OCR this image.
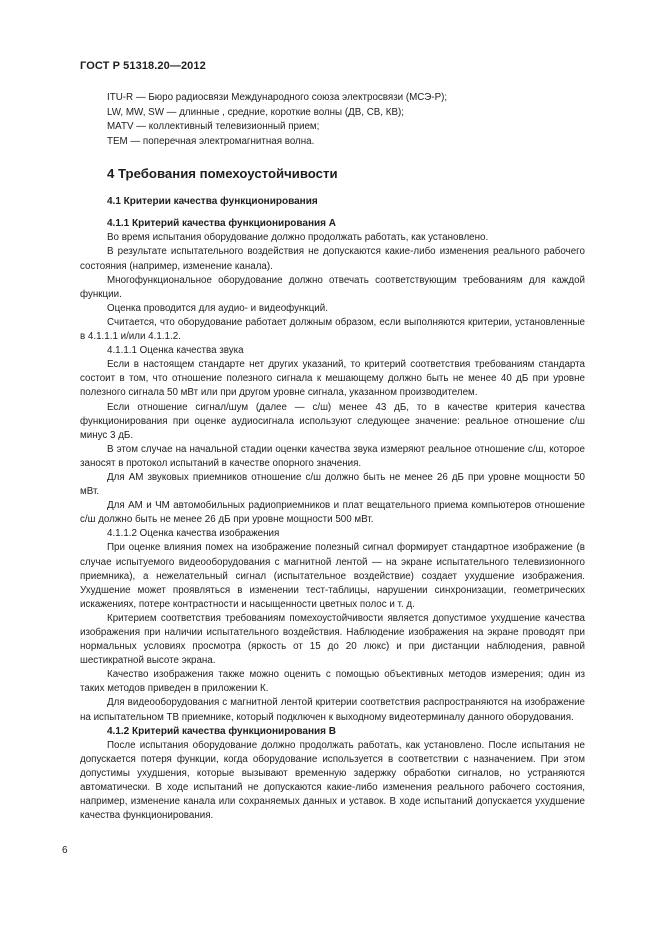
ГОСТ Р 51318.20—2012
ITU-R — Бюро радиосвязи Международного союза электросвязи (МСЭ-Р);
LW, MW, SW — длинные , средние, короткие волны (ДВ, СВ, КВ);
MATV — коллективный телевизионный прием;
TEM — поперечная электромагнитная волна.
4 Требования помехоустойчивости
4.1 Критерии качества функционирования
4.1.1 Критерий качества функционирования А

Во время испытания оборудование должно продолжать работать, как установлено.

В результате испытательного воздействия не допускаются какие-либо изменения реального рабочего состояния (например, изменение канала).

Многофункциональное оборудование должно отвечать соответствующим требованиям для каждой функции.

Оценка проводится для аудио- и видеофункций.

Считается, что оборудование работает должным образом, если выполняются критерии, установленные в 4.1.1.1 и/или 4.1.1.2.

4.1.1.1 Оценка качества звука

Если в настоящем стандарте нет других указаний, то критерий соответствия требованиям стандарта состоит в том, что отношение полезного сигнала к мешающему должно быть не менее 40 дБ при уровне полезного сигнала 50 мВт или при другом уровне сигнала, указанном производителем.

Если отношение сигнал/шум (далее — с/ш) менее 43 дБ, то в качестве критерия качества функционирования при оценке аудиосигнала используют следующее значение: реальное отношение с/ш минус 3 дБ.

В этом случае на начальной стадии оценки качества звука измеряют реальное отношение с/ш, которое заносят в протокол испытаний в качестве опорного значения.

Для АМ звуковых приемников отношение с/ш должно быть не менее 26 дБ при уровне мощности 50 мВт.

Для АМ и ЧМ автомобильных радиоприемников и плат вещательного приема компьютеров отношение с/ш должно быть не менее 26 дБ при уровне мощности 500 мВт.

4.1.1.2 Оценка качества изображения

При оценке влияния помех на изображение полезный сигнал формирует стандартное изображение (в случае испытуемого видеооборудования с магнитной лентой — на экране испытательного телевизионного приемника), а нежелательный сигнал (испытательное воздействие) создает ухудшение изображения. Ухудшение может проявляться в изменении тест-таблицы, нарушении синхронизации, геометрических искажениях, потере контрастности и насыщенности цветных полос и т. д.

Критерием соответствия требованиям помехоустойчивости является допустимое ухудшение качества изображения при наличии испытательного воздействия. Наблюдение изображения на экране проводят при нормальных условиях просмотра (яркость от 15 до 20 люкс) и при дистанции наблюдения, равной шестикратной высоте экрана.

Качество изображения также можно оценить с помощью объективных методов измерения; один из таких методов приведен в приложении К.

Для видеооборудования с магнитной лентой критерии соответствия распространяются на изображение на испытательном ТВ приемнике, который подключен к выходному видеотерминалу данного оборудования.

4.1.2 Критерий качества функционирования В

После испытания оборудование должно продолжать работать, как установлено. После испытания не допускается потеря функции, когда оборудование используется в соответствии с назначением. При этом допустимы ухудшения, которые вызывают временную задержку обработки сигналов, но устраняются автоматически. В ходе испытаний не допускаются какие-либо изменения реального рабочего состояния, например, изменение канала или сохраняемых данных и уставок. В ходе испытаний допускается ухудшение качества функционирования.

6
